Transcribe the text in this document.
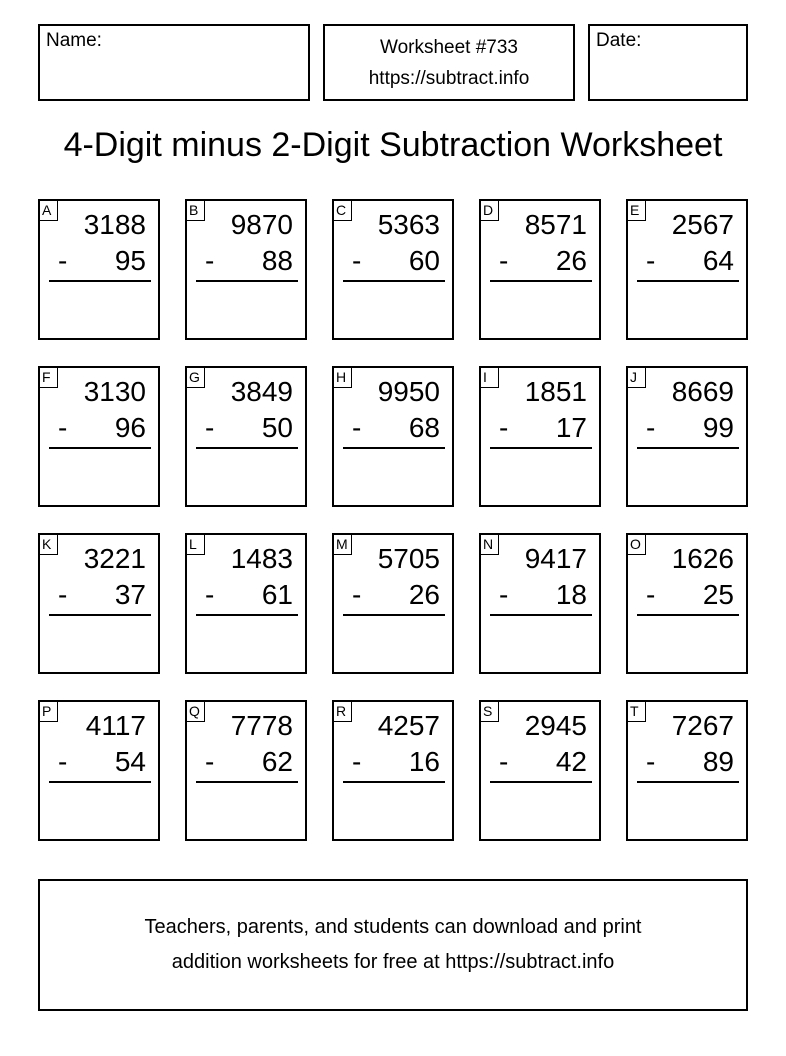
Name:	Worksheet #733
https://subtract.info
Date:
4-Digit minus 2-Digit Subtraction Worksheet
A 3188
- 95
B 9870
- 88
C 5363
- 60
D 8571
- 26
E 2567
- 64
F 3130
- 96
G 3849
- 50
H 9950
- 68
I	1851
- 17
J	8669
- 99
K 3221
- 37
L 1483
- 61
M 5705
- 26
N 9417
- 18
O 1626
- 25
P 4117
- 54
Q 7778
- 62
R 4257
- 16
S 2945
- 42
T 7267
- 89
Teachers, parents, and students can download and print
addition worksheets for free at https://subtract.info
